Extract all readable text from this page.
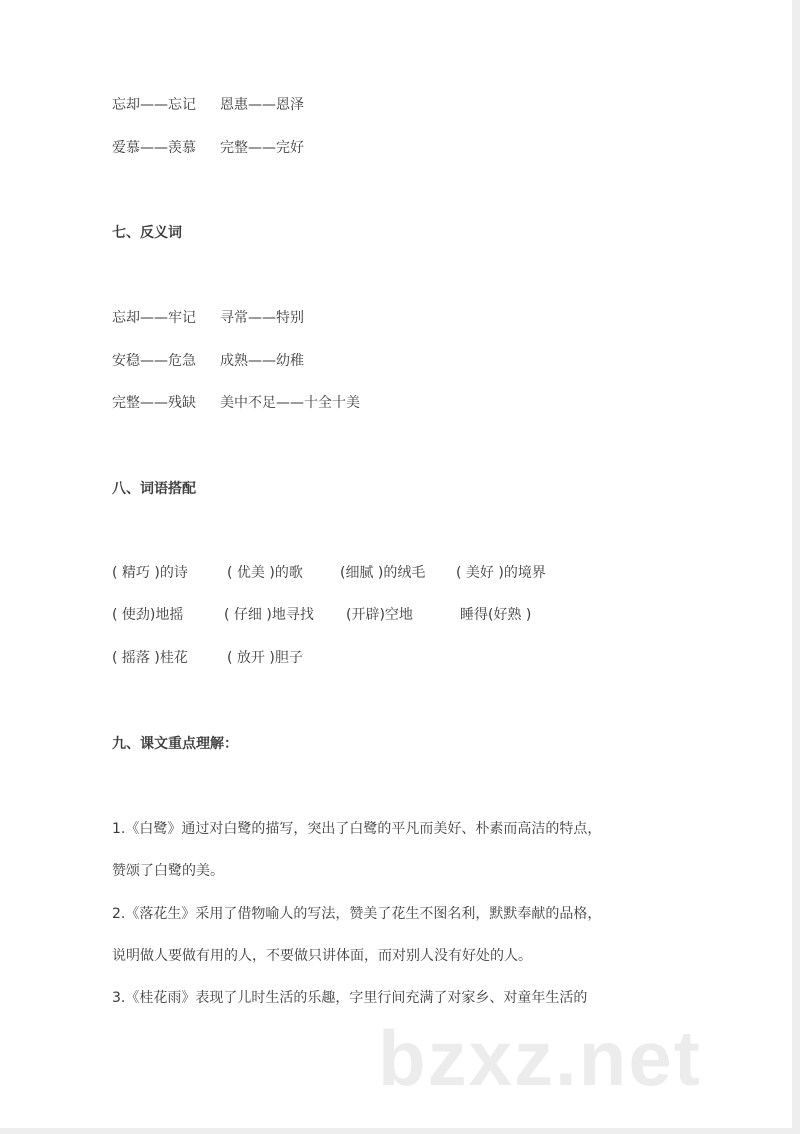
忘却——忘记 恩惠——恩泽
爱慕——羡慕 完整——完好
七、反义词
忘却——牢记 寻常——特别
安稳——危急 成熟——幼稚
完整——残缺 美中不足——十全十美
八、词语搭配
( 精巧 )的诗	( 优美 )的歌	(细腻 )的绒毛 ( 美好 )的境界
( 使劲)地摇	( 仔细 )地寻找 (开辟)空地	睡得(好熟 )
( 摇落 )桂花	( 放开 )胆子
九、课文重点理解：
1.《白鹭》通过对白鹭的描写，突出了白鹭的平凡而美好、朴素而高洁的特点，
赞颂了白鹭的美。
2.《落花生》采用了借物喻人的写法，赞美了花生不图名利，默默奉献的品格，
说明做人要做有用的人，不要做只讲体面，而对别人没有好处的人。
3.《桂花雨》表现了儿时生活的乐趣，字里行间充满了对家乡、对童年生活的
bzxz.net
